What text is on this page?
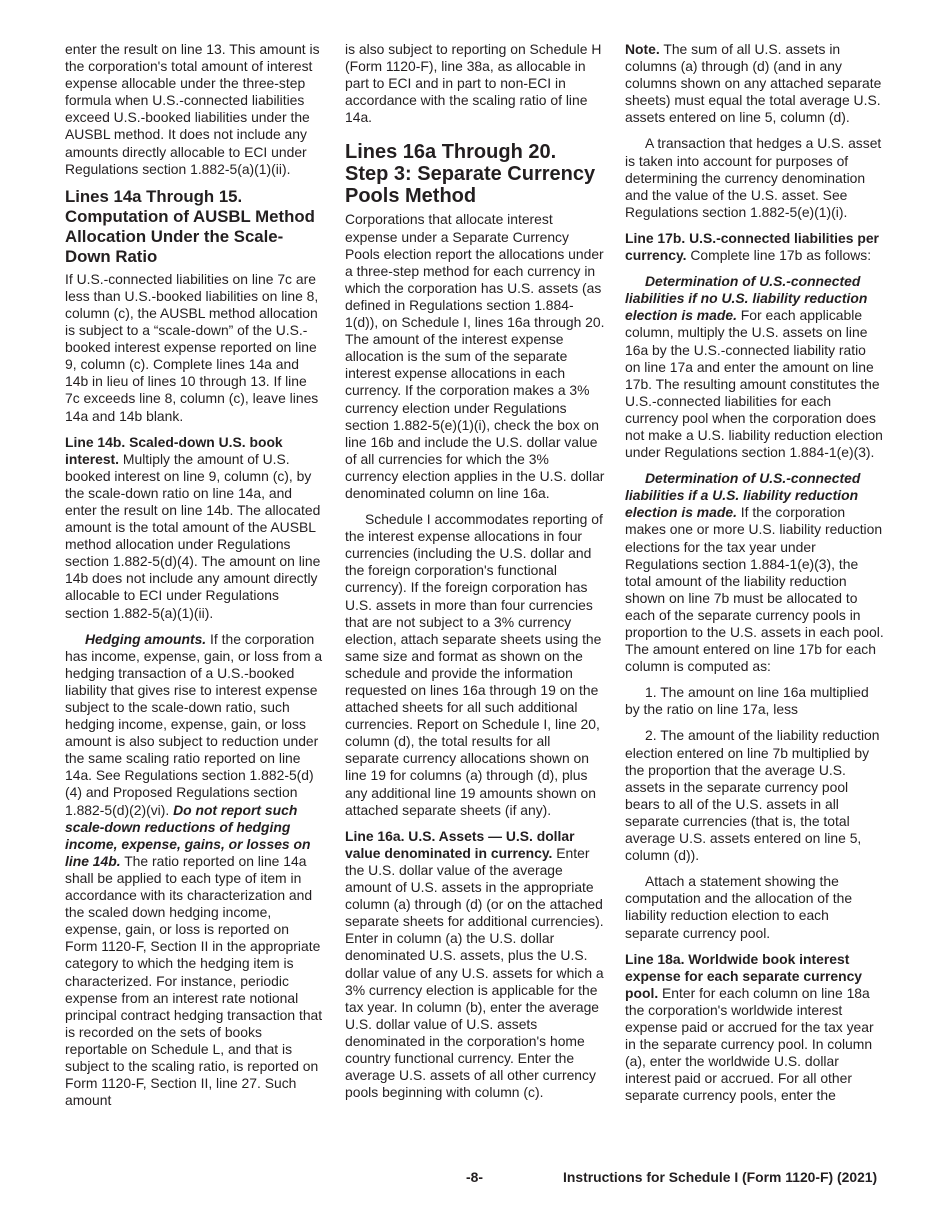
enter the result on line 13. This amount is the corporation's total amount of interest expense allocable under the three-step formula when U.S.-connected liabilities exceed U.S.-booked liabilities under the AUSBL method. It does not include any amounts directly allocable to ECI under Regulations section 1.882-5(a)(1)(ii).

Lines 14a Through 15. Computation of AUSBL Method Allocation Under the Scale-Down Ratio

If U.S.-connected liabilities on line 7c are less than U.S.-booked liabilities on line 8, column (c), the AUSBL method allocation is subject to a “scale-down” of the U.S.-booked interest expense reported on line 9, column (c). Complete lines 14a and 14b in lieu of lines 10 through 13. If line 7c exceeds line 8, column (c), leave lines 14a and 14b blank.

Line 14b. Scaled-down U.S. book interest. Multiply the amount of U.S. booked interest on line 9, column (c), by the scale-down ratio on line 14a, and enter the result on line 14b. The allocated amount is the total amount of the AUSBL method allocation under Regulations section 1.882-5(d)(4). The amount on line 14b does not include any amount directly allocable to ECI under Regulations section 1.882-5(a)(1)(ii).

Hedging amounts. If the corporation has income, expense, gain, or loss from a hedging transaction of a U.S.-booked liability that gives rise to interest expense subject to the scale-down ratio, such hedging income, expense, gain, or loss amount is also subject to reduction under the same scaling ratio reported on line 14a. See Regulations section 1.882-5(d)(4) and Proposed Regulations section 1.882-5(d)(2)(vi). Do not report such scale-down reductions of hedging income, expense, gains, or losses on line 14b. The ratio reported on line 14a shall be applied to each type of item in accordance with its characterization and the scaled down hedging income, expense, gain, or loss is reported on Form 1120-F, Section II in the appropriate category to which the hedging item is characterized. For instance, periodic expense from an interest rate notional principal contract hedging transaction that is recorded on the sets of books reportable on Schedule L, and that is subject to the scaling ratio, is reported on Form 1120-F, Section II, line 27. Such amount

is also subject to reporting on Schedule H (Form 1120-F), line 38a, as allocable in part to ECI and in part to non-ECI in accordance with the scaling ratio of line 14a.

Lines 16a Through 20. Step 3: Separate Currency Pools Method

Corporations that allocate interest expense under a Separate Currency Pools election report the allocations under a three-step method for each currency in which the corporation has U.S. assets (as defined in Regulations section 1.884-1(d)), on Schedule I, lines 16a through 20. The amount of the interest expense allocation is the sum of the separate interest expense allocations in each currency. If the corporation makes a 3% currency election under Regulations section 1.882-5(e)(1)(i), check the box on line 16b and include the U.S. dollar value of all currencies for which the 3% currency election applies in the U.S. dollar denominated column on line 16a.

Schedule I accommodates reporting of the interest expense allocations in four currencies (including the U.S. dollar and the foreign corporation's functional currency). If the foreign corporation has U.S. assets in more than four currencies that are not subject to a 3% currency election, attach separate sheets using the same size and format as shown on the schedule and provide the information requested on lines 16a through 19 on the attached sheets for all such additional currencies. Report on Schedule I, line 20, column (d), the total results for all separate currency allocations shown on line 19 for columns (a) through (d), plus any additional line 19 amounts shown on attached separate sheets (if any).

Line 16a. U.S. Assets — U.S. dollar value denominated in currency. Enter the U.S. dollar value of the average amount of U.S. assets in the appropriate column (a) through (d) (or on the attached separate sheets for additional currencies). Enter in column (a) the U.S. dollar denominated U.S. assets, plus the U.S. dollar value of any U.S. assets for which a 3% currency election is applicable for the tax year. In column (b), enter the average U.S. dollar value of U.S. assets denominated in the corporation's home country functional currency. Enter the average U.S. assets of all other currency pools beginning with column (c).

Note. The sum of all U.S. assets in columns (a) through (d) (and in any columns shown on any attached separate sheets) must equal the total average U.S. assets entered on line 5, column (d).

A transaction that hedges a U.S. asset is taken into account for purposes of determining the currency denomination and the value of the U.S. asset. See Regulations section 1.882-5(e)(1)(i).

Line 17b. U.S.-connected liabilities per currency. Complete line 17b as follows:

Determination of U.S.-connected liabilities if no U.S. liability reduction election is made. For each applicable column, multiply the U.S. assets on line 16a by the U.S.-connected liability ratio on line 17a and enter the amount on line 17b. The resulting amount constitutes the U.S.-connected liabilities for each currency pool when the corporation does not make a U.S. liability reduction election under Regulations section 1.884-1(e)(3).

Determination of U.S.-connected liabilities if a U.S. liability reduction election is made. If the corporation makes one or more U.S. liability reduction elections for the tax year under Regulations section 1.884-1(e)(3), the total amount of the liability reduction shown on line 7b must be allocated to each of the separate currency pools in proportion to the U.S. assets in each pool. The amount entered on line 17b for each column is computed as:

1. The amount on line 16a multiplied by the ratio on line 17a, less

2. The amount of the liability reduction election entered on line 7b multiplied by the proportion that the average U.S. assets in the separate currency pool bears to all of the U.S. assets in all separate currencies (that is, the total average U.S. assets entered on line 5, column (d)).

Attach a statement showing the computation and the allocation of the liability reduction election to each separate currency pool.

Line 18a. Worldwide book interest expense for each separate currency pool. Enter for each column on line 18a the corporation's worldwide interest expense paid or accrued for the tax year in the separate currency pool. In column (a), enter the worldwide U.S. dollar interest paid or accrued. For all other separate currency pools, enter the

-8-	Instructions for Schedule I (Form 1120-F) (2021)
